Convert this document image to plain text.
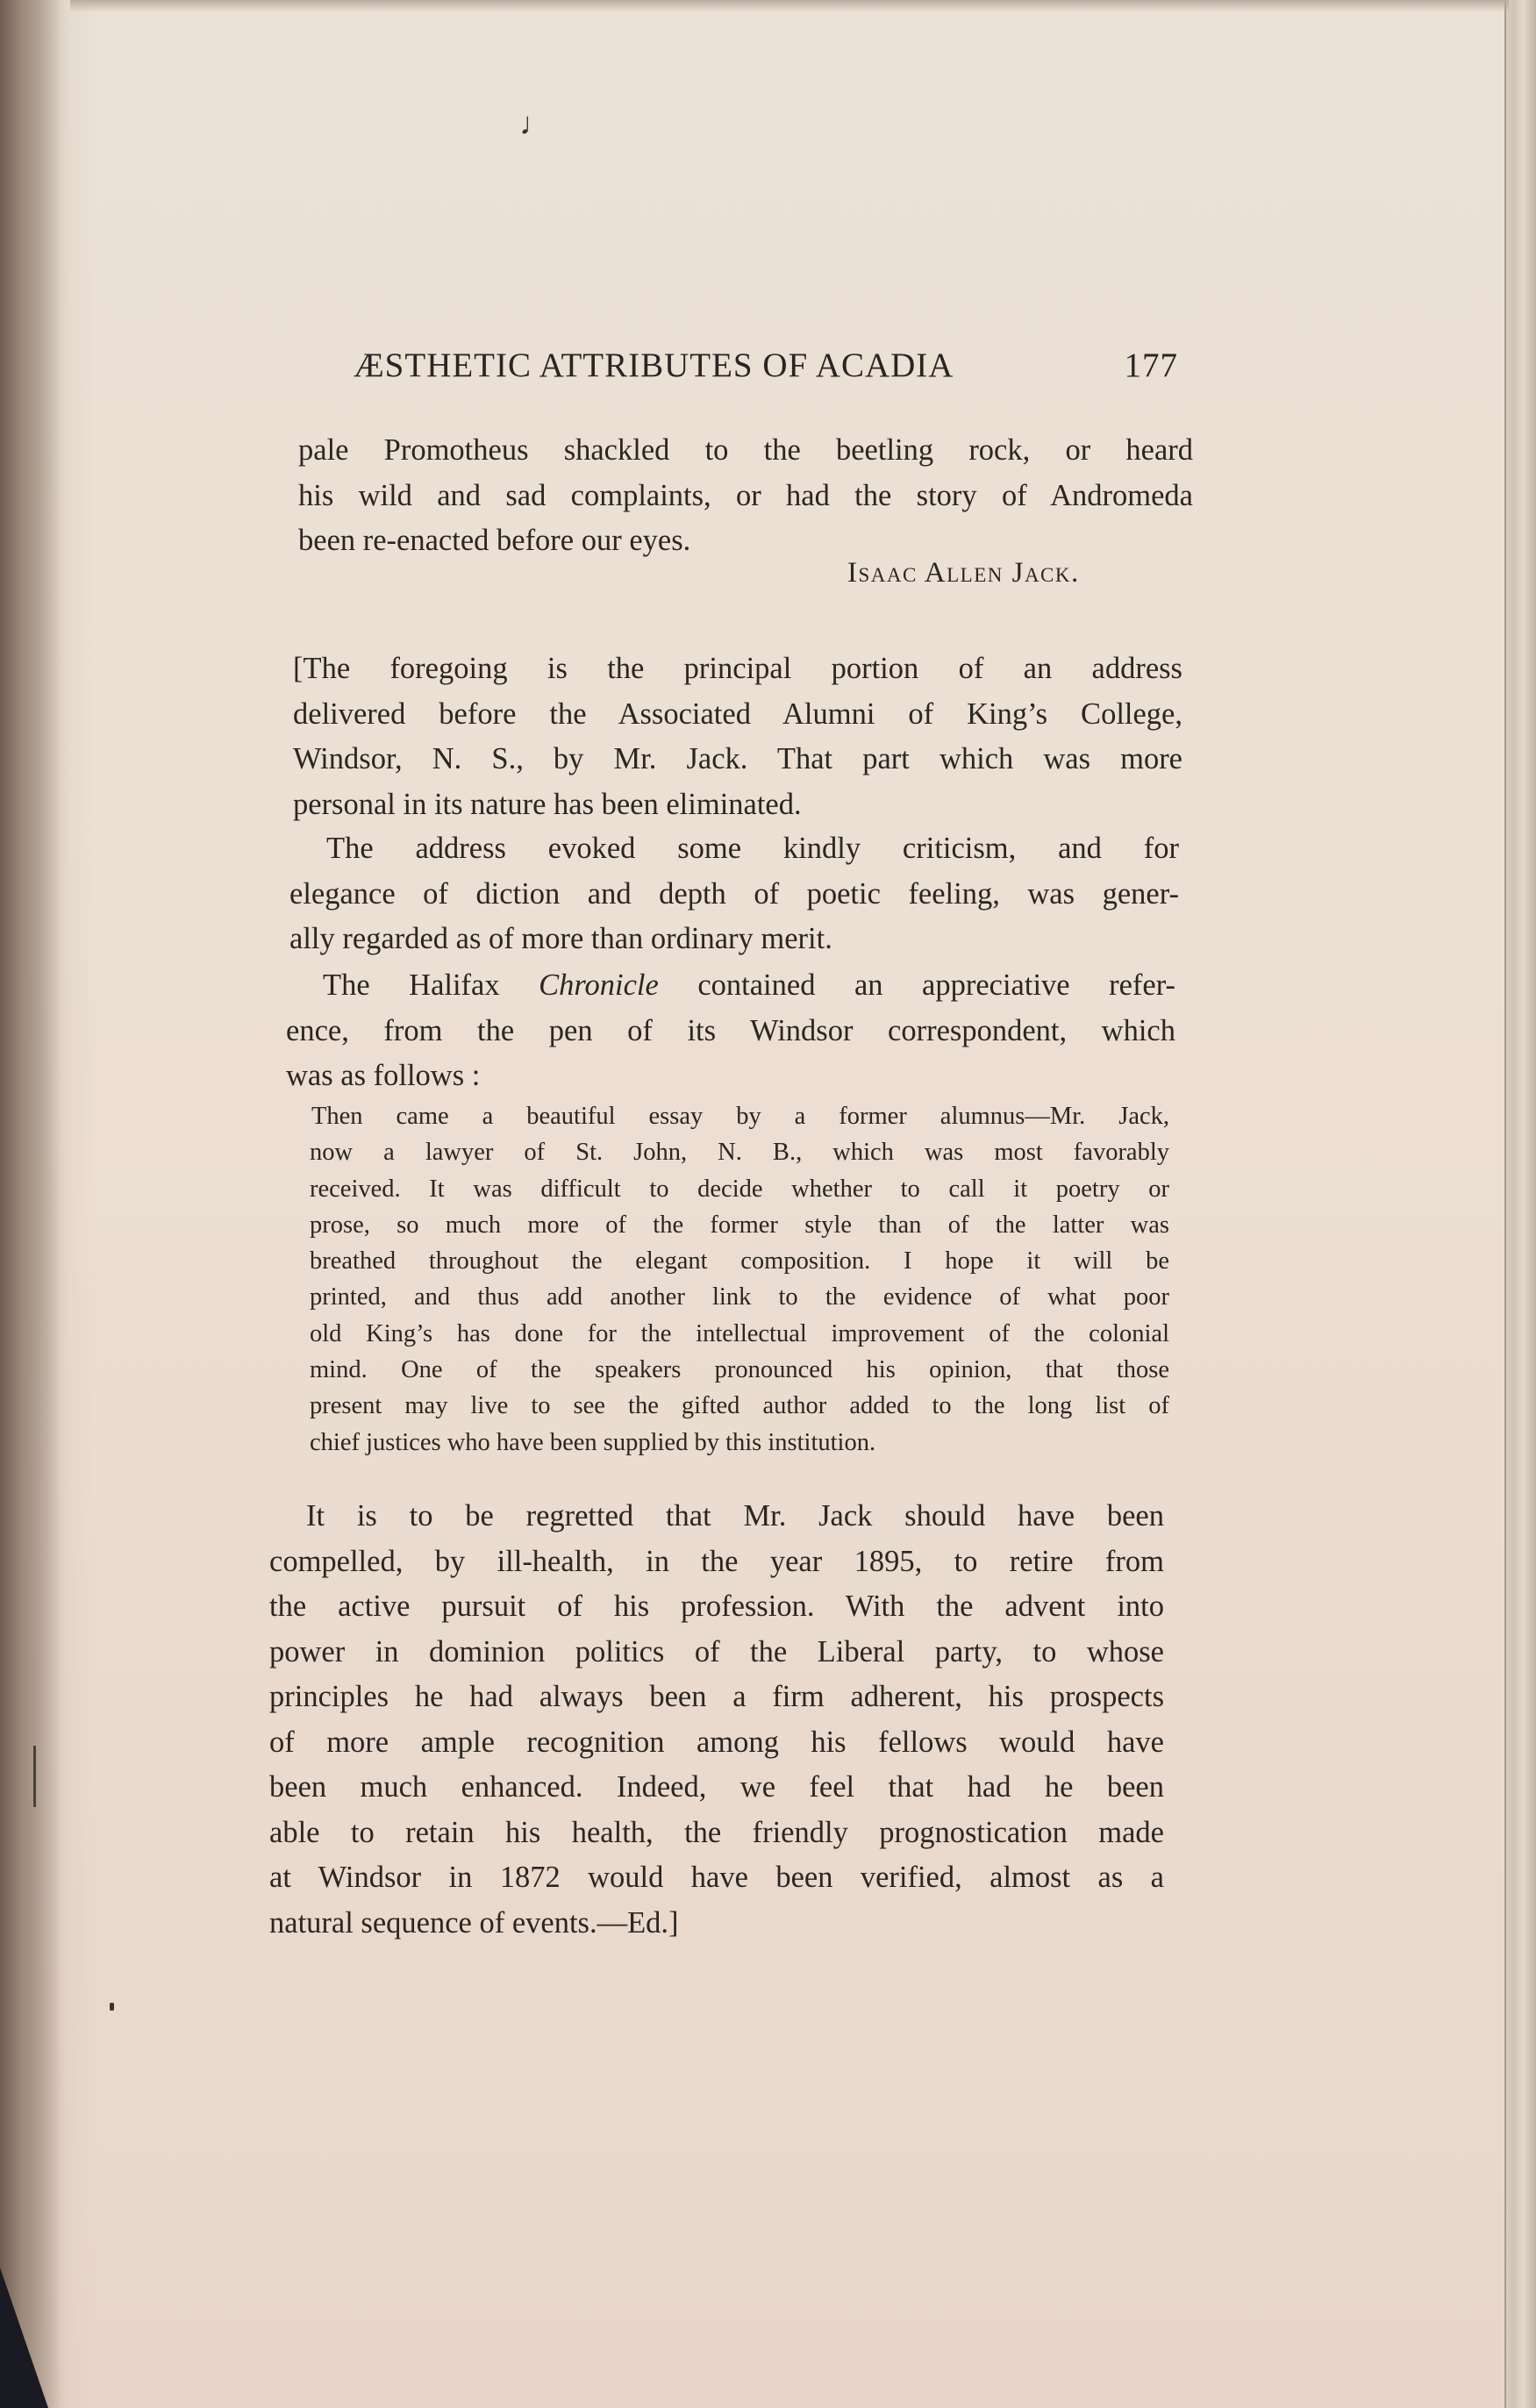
♩
ÆSTHETIC ATTRIBUTES OF ACADIA	177
pale Promotheus shackled to the beetling rock, or heard
his wild and sad complaints, or had the story of Andromeda
been re-enacted before our eyes.
Isaac Allen Jack.
[The foregoing is the principal portion of an address
delivered before the Associated Alumni of King’s College,
Windsor, N. S., by Mr. Jack. That part which was more
personal in its nature has been eliminated.
The address evoked some kindly criticism, and for
elegance of diction and depth of poetic feeling, was gener-
ally regarded as of more than ordinary merit.
The Halifax Chronicle contained an appreciative refer-
ence, from the pen of its Windsor correspondent, which
was as follows :
Then came a beautiful essay by a former alumnus—Mr. Jack,
now a lawyer of St. John, N. B., which was most favorably
received. It was difficult to decide whether to call it poetry or
prose, so much more of the former style than of the latter was
breathed throughout the elegant composition. I hope it will be
printed, and thus add another link to the evidence of what poor
old King’s has done for the intellectual improvement of the colonial
mind. One of the speakers pronounced his opinion, that those
present may live to see the gifted author added to the long list of
chief justices who have been supplied by this institution.
It is to be regretted that Mr. Jack should have been
compelled, by ill-health, in the year 1895, to retire from
the active pursuit of his profession. With the advent into
power in dominion politics of the Liberal party, to whose
principles he had always been a firm adherent, his prospects
of more ample recognition among his fellows would have
been much enhanced. Indeed, we feel that had he been
able to retain his health, the friendly prognostication made
at Windsor in 1872 would have been verified, almost as a
natural sequence of events.—Ed.]
